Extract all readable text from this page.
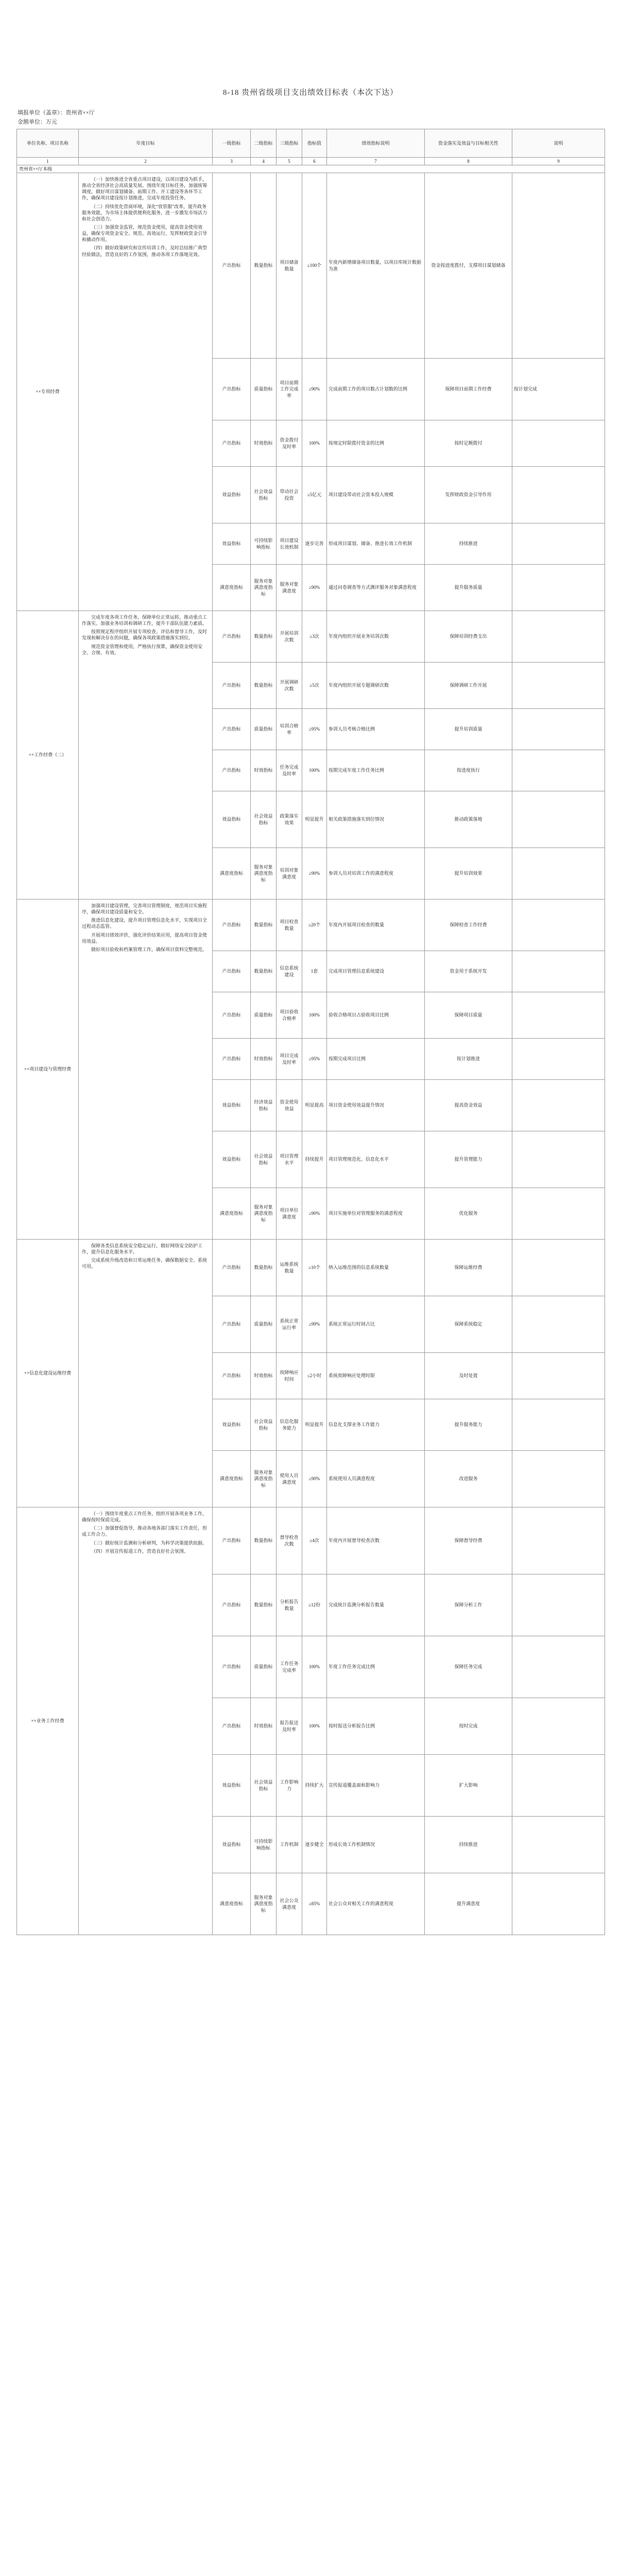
8-18 贵州省级项目支出绩效目标表（本次下达）
填报单位（盖章）：贵州省××厅
金额单位：万元
单位名称、项目名称	年度目标	一级指标	二级指标	三级指标	指标值	绩效指标说明	资金落实及效益与目标相关性	说明
1	2	3	4	5	6	7	8	9
贵州省××厅本级								
××专项经费	（一）加快推进全省重点项目建设，以项目建设为抓手，推动全省经济社会高质量发展。围绕年度目标任务，加强统筹调度，做好项目谋划储备、前期工作、开工建设等各环节工作，确保项目建设按计划推进，完成年度投资任务。
（二）持续优化营商环境，深化“放管服”改革，提升政务服务效能，为市场主体提供便利化服务，进一步激发市场活力和社会创造力。
（三）加强资金监管，规范资金使用，提高资金使用效益，确保专项资金安全、规范、高效运行，发挥财政资金引导和撬动作用。
（四）做好政策研究和宣传培训工作，及时总结推广典型经验做法，营造良好的工作氛围，推动各项工作落地见效。	产出指标	数量指标	项目储备数量	≥100个	年度内新增储备项目数量，以项目库统计数据为准	资金按进度拨付，支撑项目谋划储备	
		产出指标	质量指标	项目前期工作完成率	≥90%	完成前期工作的项目数占计划数的比例	保障项目前期工作经费	按计划完成
		产出指标	时效指标	资金拨付及时率	100%	按规定时限拨付资金的比例	按时足额拨付	
		效益指标	社会效益指标	带动社会投资	≥5亿元	项目建设带动社会资本投入规模	发挥财政资金引导作用	
		效益指标	可持续影响指标	项目建设长效机制	逐步完善	形成项目谋划、储备、推进长效工作机制	持续推进	
		满意度指标	服务对象满意度指标	服务对象满意度	≥90%	通过问卷调查等方式测评服务对象满意程度	提升服务质量	
××工作经费（二）	完成年度各项工作任务，保障单位正常运转，推动重点工作落实。加强业务培训和调研工作，提升干部队伍能力素质。
按照规定程序组织开展专项检查、评估和督导工作，及时发现和解决存在的问题，确保各项政策措施落实到位。
规范资金管理和使用，严格执行预算，确保资金使用安全、合规、有效。	产出指标	数量指标	开展培训次数	≥3次	年度内组织开展业务培训次数	保障培训经费支出	
		产出指标	数量指标	开展调研次数	≥5次	年度内组织开展专题调研次数	保障调研工作开展	
		产出指标	质量指标	培训合格率	≥95%	参训人员考核合格比例	提升培训质量	
		产出指标	时效指标	任务完成及时率	100%	按期完成年度工作任务比例	按进度执行	
		效益指标	社会效益指标	政策落实效果	明显提升	相关政策措施落实到位情况	推动政策落地	
		满意度指标	服务对象满意度指标	培训对象满意度	≥90%	参训人员对培训工作的满意程度	提升培训效果	
××项目建设与管理经费	加强项目建设管理，完善项目管理制度，规范项目实施程序，确保项目建设质量和安全。
推进信息化建设，提升项目管理信息化水平，实现项目全过程动态监管。
开展项目绩效评价，强化评价结果应用，提高项目资金使用效益。
做好项目验收和档案管理工作，确保项目资料完整规范。	产出指标	数量指标	项目检查数量	≥20个	年度内开展项目检查的数量	保障检查工作经费	
		产出指标	数量指标	信息系统建设	1套	完成项目管理信息系统建设	资金用于系统开发	
		产出指标	质量指标	项目验收合格率	100%	验收合格项目占验收项目比例	保障项目质量	
		产出指标	时效指标	项目完成及时率	≥95%	按期完成项目比例	按计划推进	
		效益指标	经济效益指标	资金使用效益	明显提高	项目资金使用效益提升情况	提高资金效益	
		效益指标	社会效益指标	项目管理水平	持续提升	项目管理规范化、信息化水平	提升管理能力	
		满意度指标	服务对象满意度指标	项目单位满意度	≥90%	项目实施单位对管理服务的满意程度	优化服务	
××信息化建设运维经费	保障各类信息系统安全稳定运行，做好网络安全防护工作，提升信息化服务水平。
完成系统升级改造和日常运维任务，确保数据安全、系统可用。	产出指标	数量指标	运维系统数量	≥10个	纳入运维范围的信息系统数量	保障运维经费	
		产出指标	质量指标	系统正常运行率	≥99%	系统正常运行时间占比	保障系统稳定	
		产出指标	时效指标	故障响应时间	≤2小时	系统故障响应处理时限	及时处置	
		效益指标	社会效益指标	信息化服务能力	明显提升	信息化支撑业务工作能力	提升服务能力	
		满意度指标	服务对象满意度指标	使用人员满意度	≥90%	系统使用人员满意程度	改进服务	
××业务工作经费	（一）围绕年度重点工作任务，组织开展各项业务工作，确保按时保质完成。
（二）加强督促指导，推动各地各部门落实工作责任，形成工作合力。
（三）做好统计监测和分析研判，为科学决策提供依据。
（四）开展宣传报道工作，营造良好社会氛围。	产出指标	数量指标	督导检查次数	≥4次	年度内开展督导检查次数	保障督导经费	
		产出指标	数量指标	分析报告数量	≥12份	完成统计监测分析报告数量	保障分析工作	
		产出指标	质量指标	工作任务完成率	100%	年度工作任务完成比例	保障任务完成	
		产出指标	时效指标	报告报送及时率	100%	按时报送分析报告比例	按时完成	
		效益指标	社会效益指标	工作影响力	持续扩大	宣传报道覆盖面和影响力	扩大影响	
		效益指标	可持续影响指标	工作机制	逐步健全	形成长效工作机制情况	持续推进	
		满意度指标	服务对象满意度指标	社会公众满意度	≥85%	社会公众对相关工作的满意程度	提升满意度	
